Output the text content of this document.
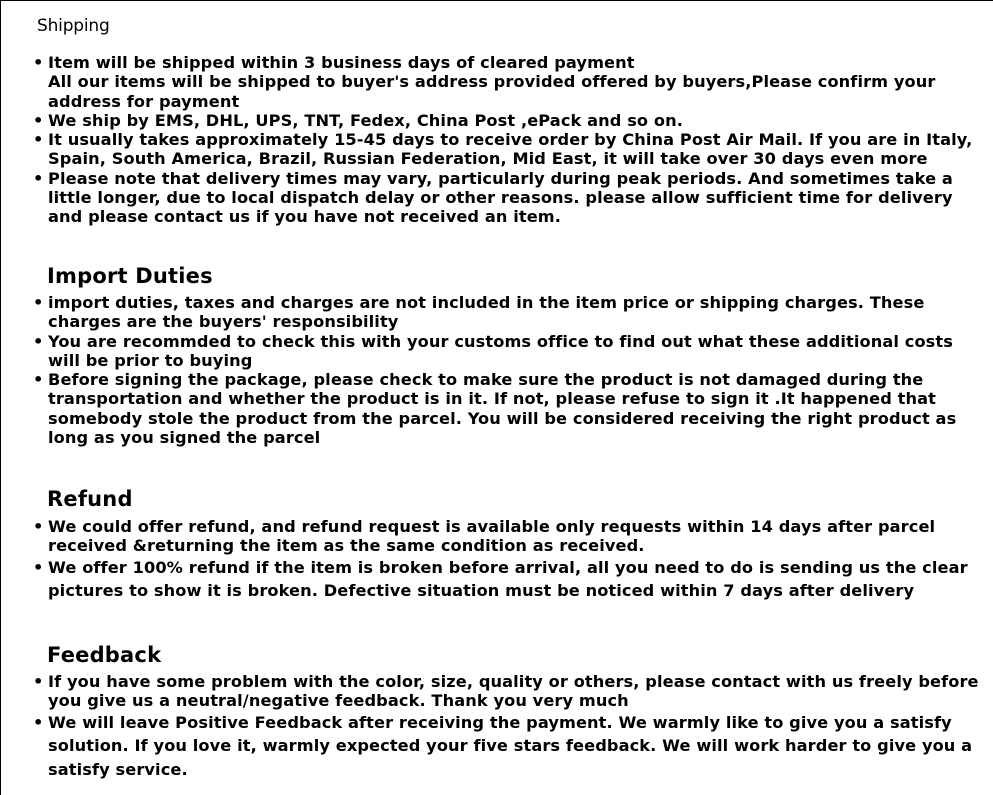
Shipping
• Item will be shipped within 3 business days of cleared payment
All our items will be shipped to buyer's address provided offered by buyers,Please confirm your address for payment
• We ship by EMS, DHL, UPS, TNT, Fedex, China Post ,ePack and so on.
• It usually takes approximately 15-45 days to receive order by China Post Air Mail. If you are in Italy, Spain, South America, Brazil, Russian Federation, Mid East, it will take over 30 days even more
• Please note that delivery times may vary, particularly during peak periods. And sometimes take a little longer, due to local dispatch delay or other reasons. please allow sufficient time for delivery and please contact us if you have not received an item.
Import Duties
• import duties, taxes and charges are not included in the item price or shipping charges. These charges are the buyers' responsibility
• You are recommded to check this with your customs office to find out what these additional costs will be prior to buying
• Before signing the package, please check to make sure the product is not damaged during the transportation and whether the product is in it. If not, please refuse to sign it .It happened that somebody stole the product from the parcel. You will be considered receiving the right product as long as you signed the parcel
Refund
• We could offer refund, and refund request is available only requests within 14 days after parcel received &returning the item as the same condition as received.
• We offer 100% refund if the item is broken before arrival, all you need to do is sending us the clear pictures to show it is broken. Defective situation must be noticed within 7 days after delivery
Feedback
• If you have some problem with the color, size, quality or others, please contact with us freely before you give us a neutral/negative feedback. Thank you very much
• We will leave Positive Feedback after receiving the payment. We warmly like to give you a satisfy solution. If you love it, warmly expected your five stars feedback. We will work harder to give you a satisfy service.
